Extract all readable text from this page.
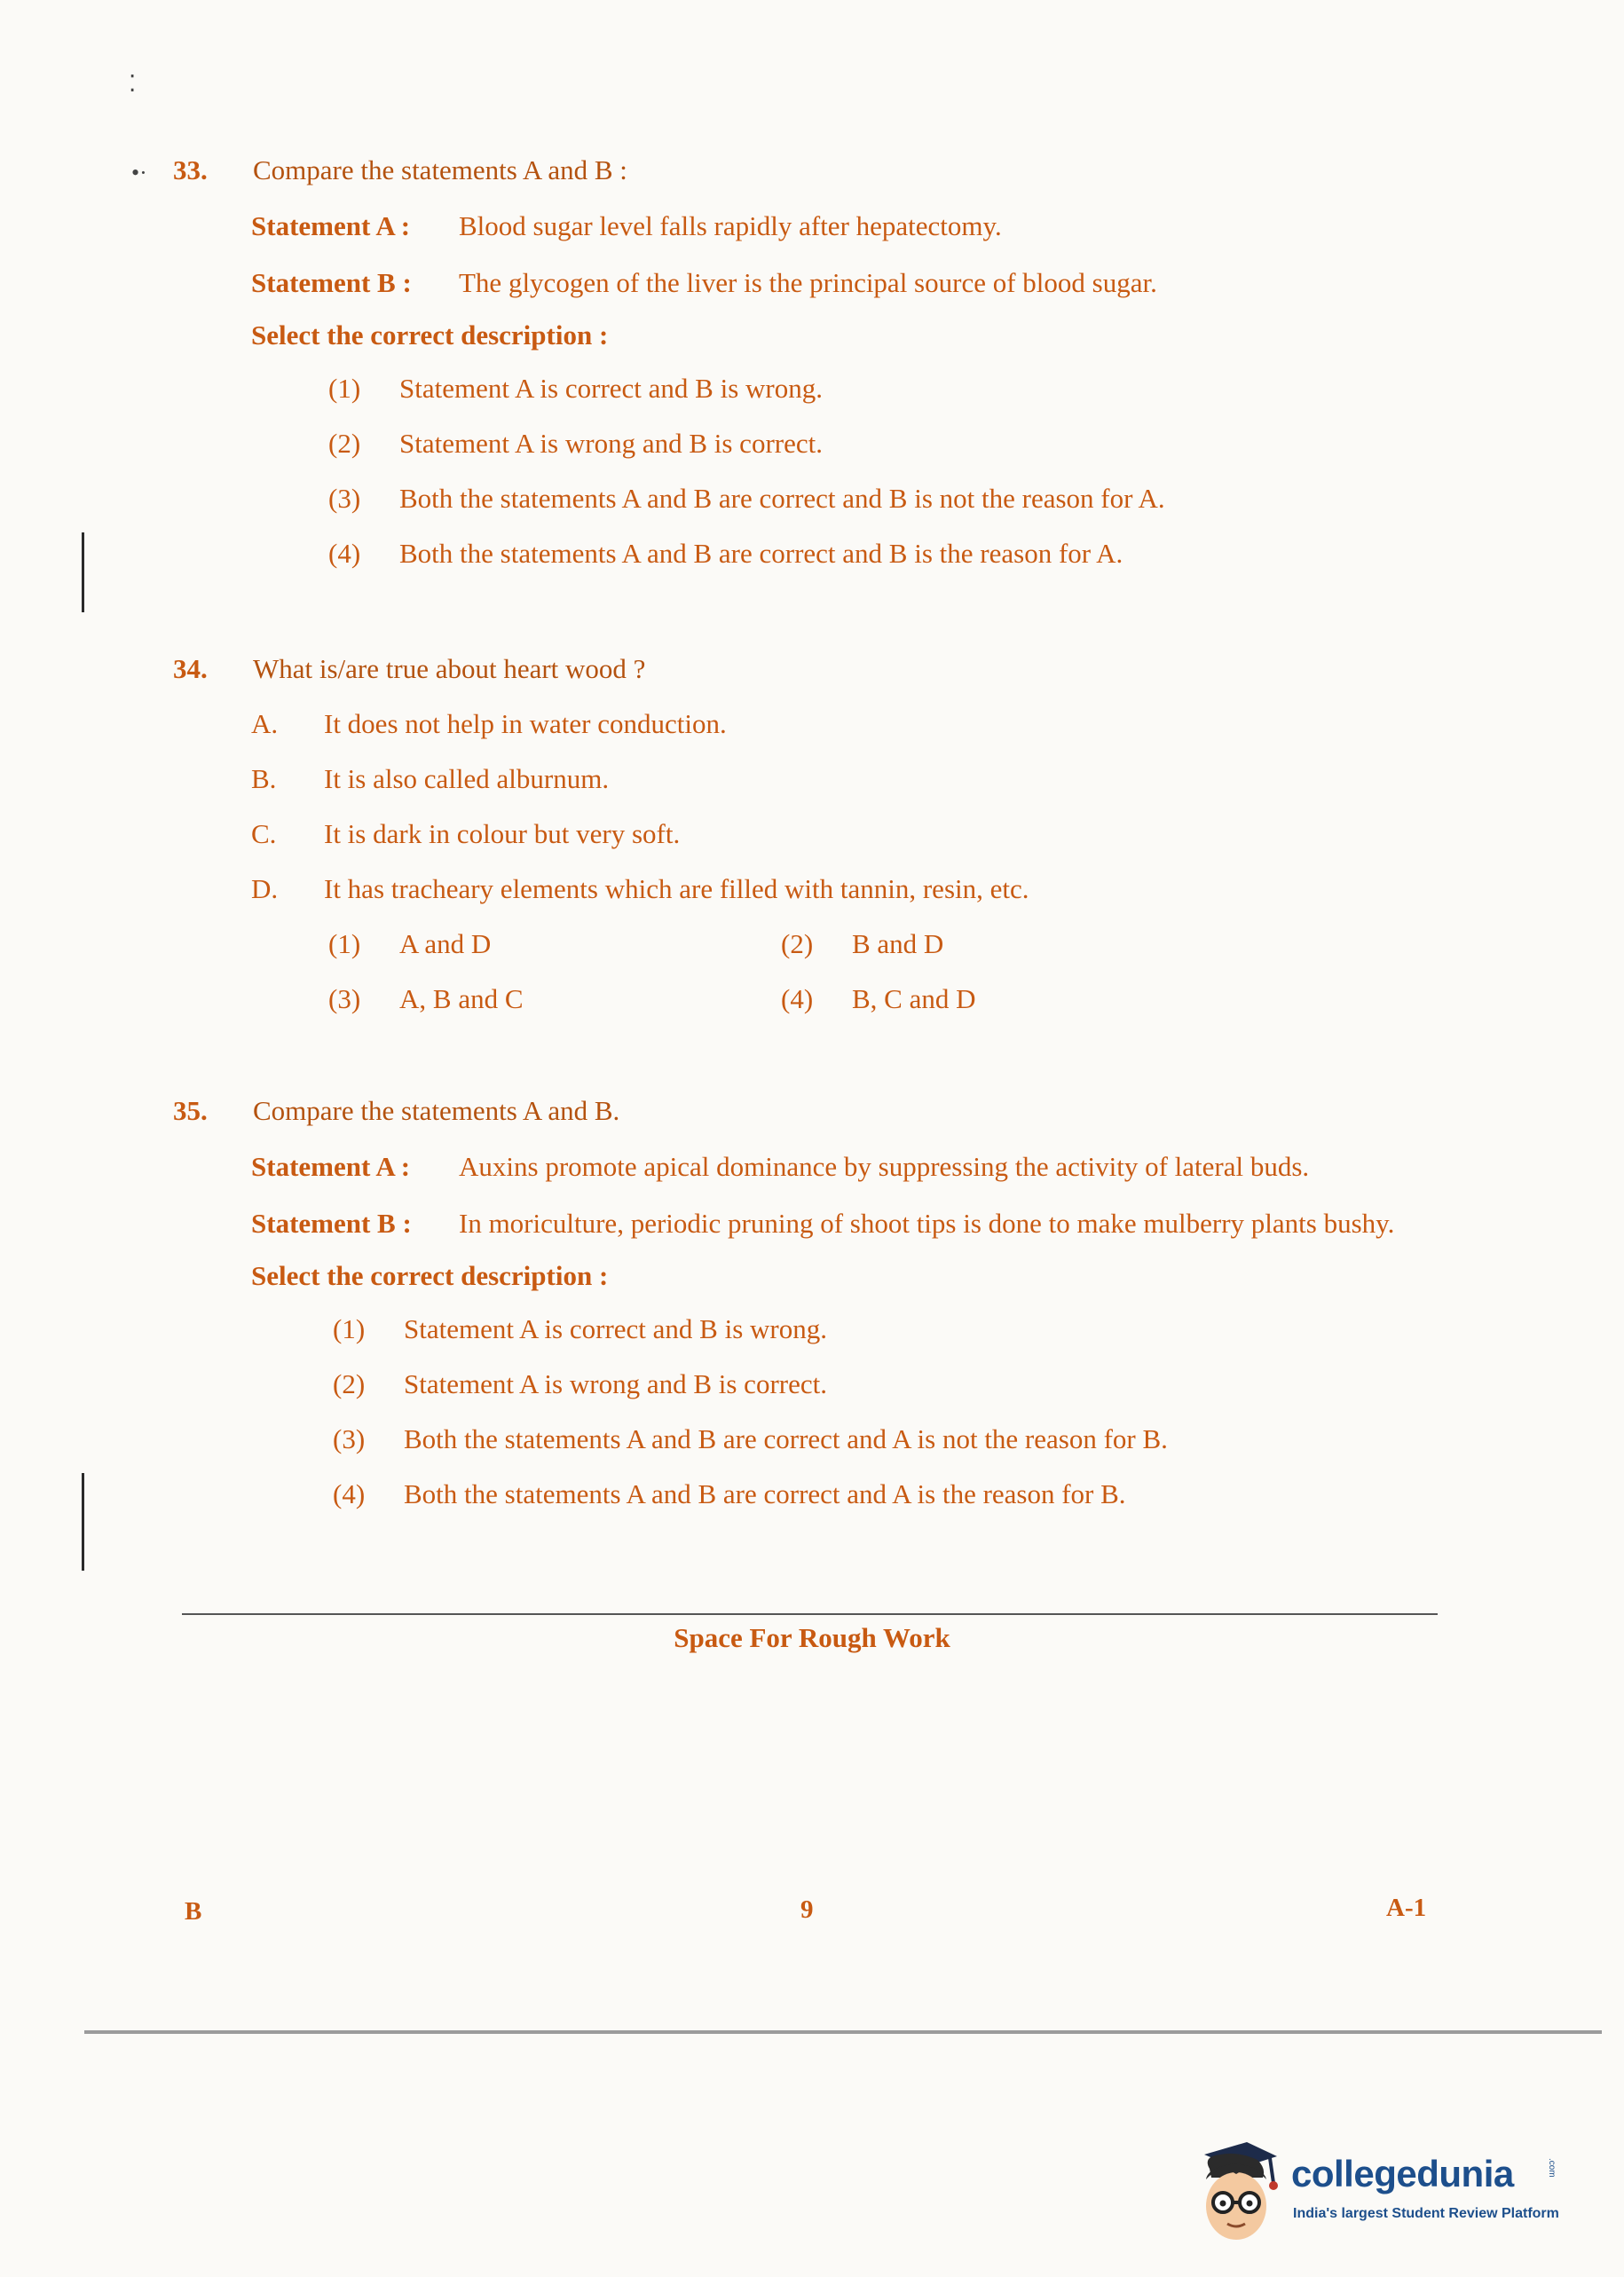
⁚
•· 33. Compare the statements A and B :
Statement A : Blood sugar level falls rapidly after hepatectomy.
Statement B : The glycogen of the liver is the principal source of blood sugar.
Select the correct description :
(1)	Statement A is correct and B is wrong.
(2)	Statement A is wrong and B is correct.
(3)	Both the statements A and B are correct and B is not the reason for A.
(4)	Both the statements A and B are correct and B is the reason for A.
34. What is/are true about heart wood ?
A.	It does not help in water conduction.
B.	It is also called alburnum.
C.	It is dark in colour but very soft.
D.	It has tracheary elements which are filled with tannin, resin, etc.
(1)	A and D	(2)	B and D
(3)	A, B and C	(4)	B, C and D
35. Compare the statements A and B.
Statement A : Auxins promote apical dominance by suppressing the activity of lateral buds.
Statement B : In moriculture, periodic pruning of shoot tips is done to make mulberry plants bushy.
Select the correct description :
(1)	Statement A is correct and B is wrong.
(2)	Statement A is wrong and B is correct.
(3)	Both the statements A and B are correct and A is not the reason for B.
(4)	Both the statements A and B are correct and A is the reason for B.
Space For Rough Work
B	9	A-1
collegedunia	.com
India's largest Student Review Platform
